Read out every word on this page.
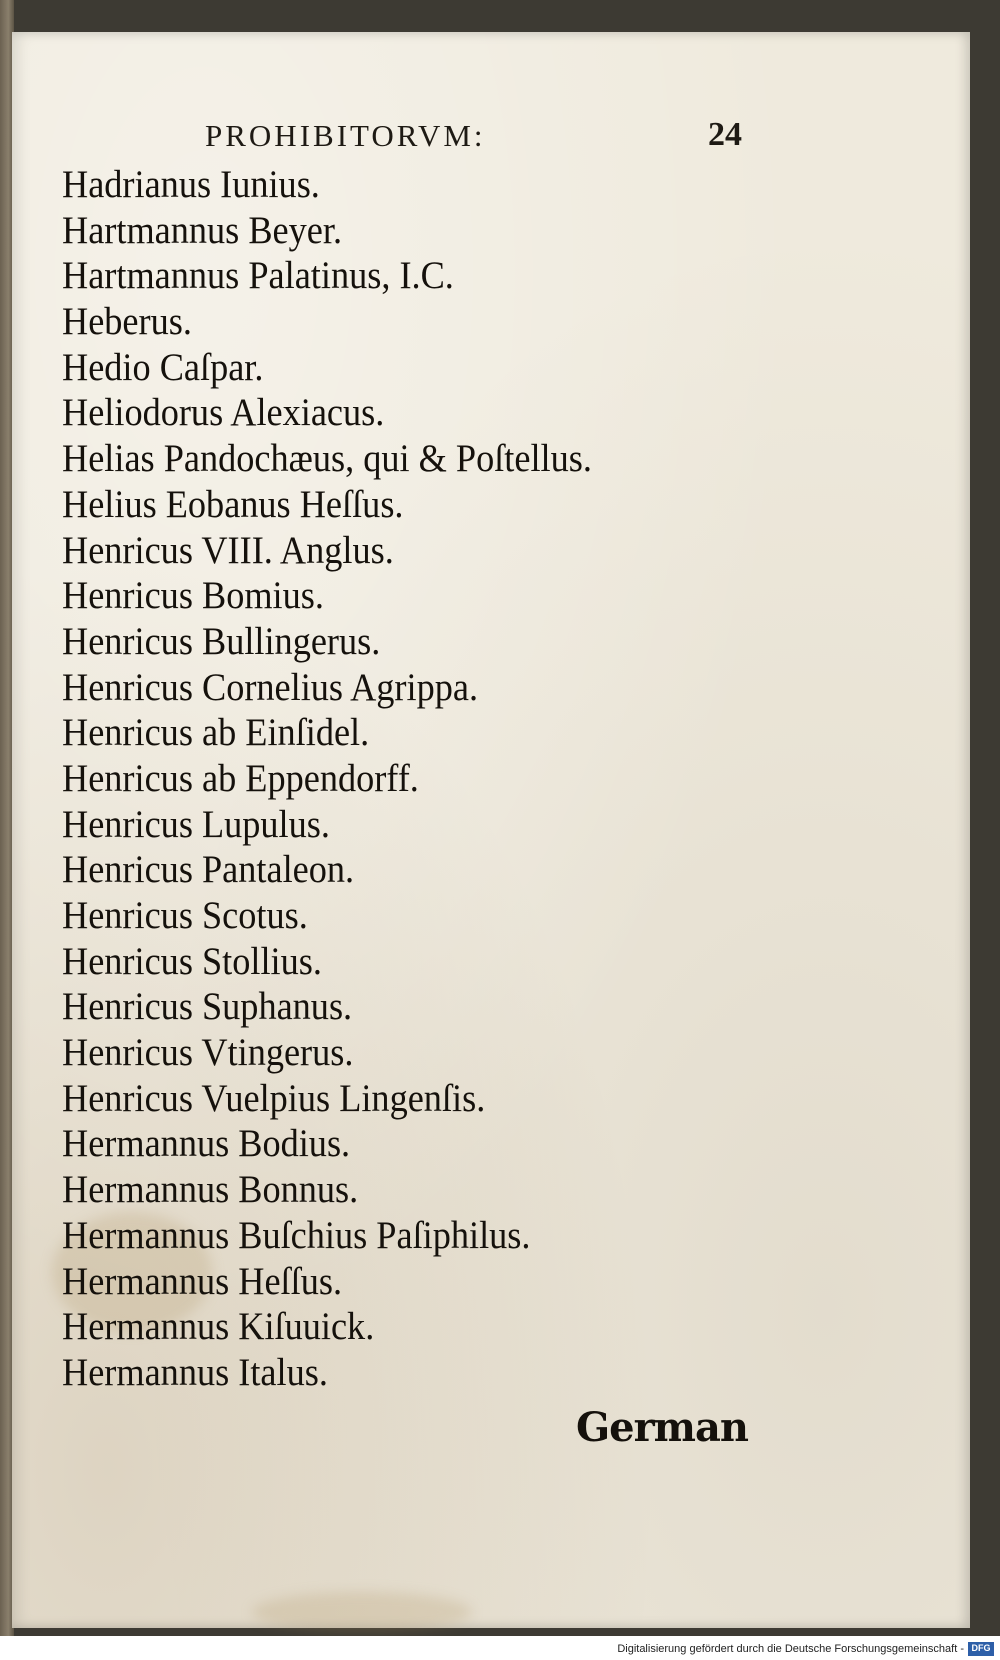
PROHIBITORVM:	24
Hadrianus Iunius.
Hartmannus Beyer.
Hartmannus Palatinus, I.C.
Heberus.
Hedio Caſpar.
Heliodorus Alexiacus.
Helias Pandochæus, qui & Poſtellus.
Helius Eobanus Heſſus.
Henricus VIII. Anglus.
Henricus Bomius.
Henricus Bullingerus.
Henricus Cornelius Agrippa.
Henricus ab Einſidel.
Henricus ab Eppendorff.
Henricus Lupulus.
Henricus Pantaleon.
Henricus Scotus.
Henricus Stollius.
Henricus Suphanus.
Henricus Vtingerus.
Henricus Vuelpius Lingenſis.
Hermannus Bodius.
Hermannus Bonnus.
Hermannus Buſchius Paſiphilus.
Hermannus Heſſus.
Hermannus Kiſuuick.
Hermannus Italus.
German
Digitalisierung gefördert durch die Deutsche Forschungsgemeinschaft - DFG
